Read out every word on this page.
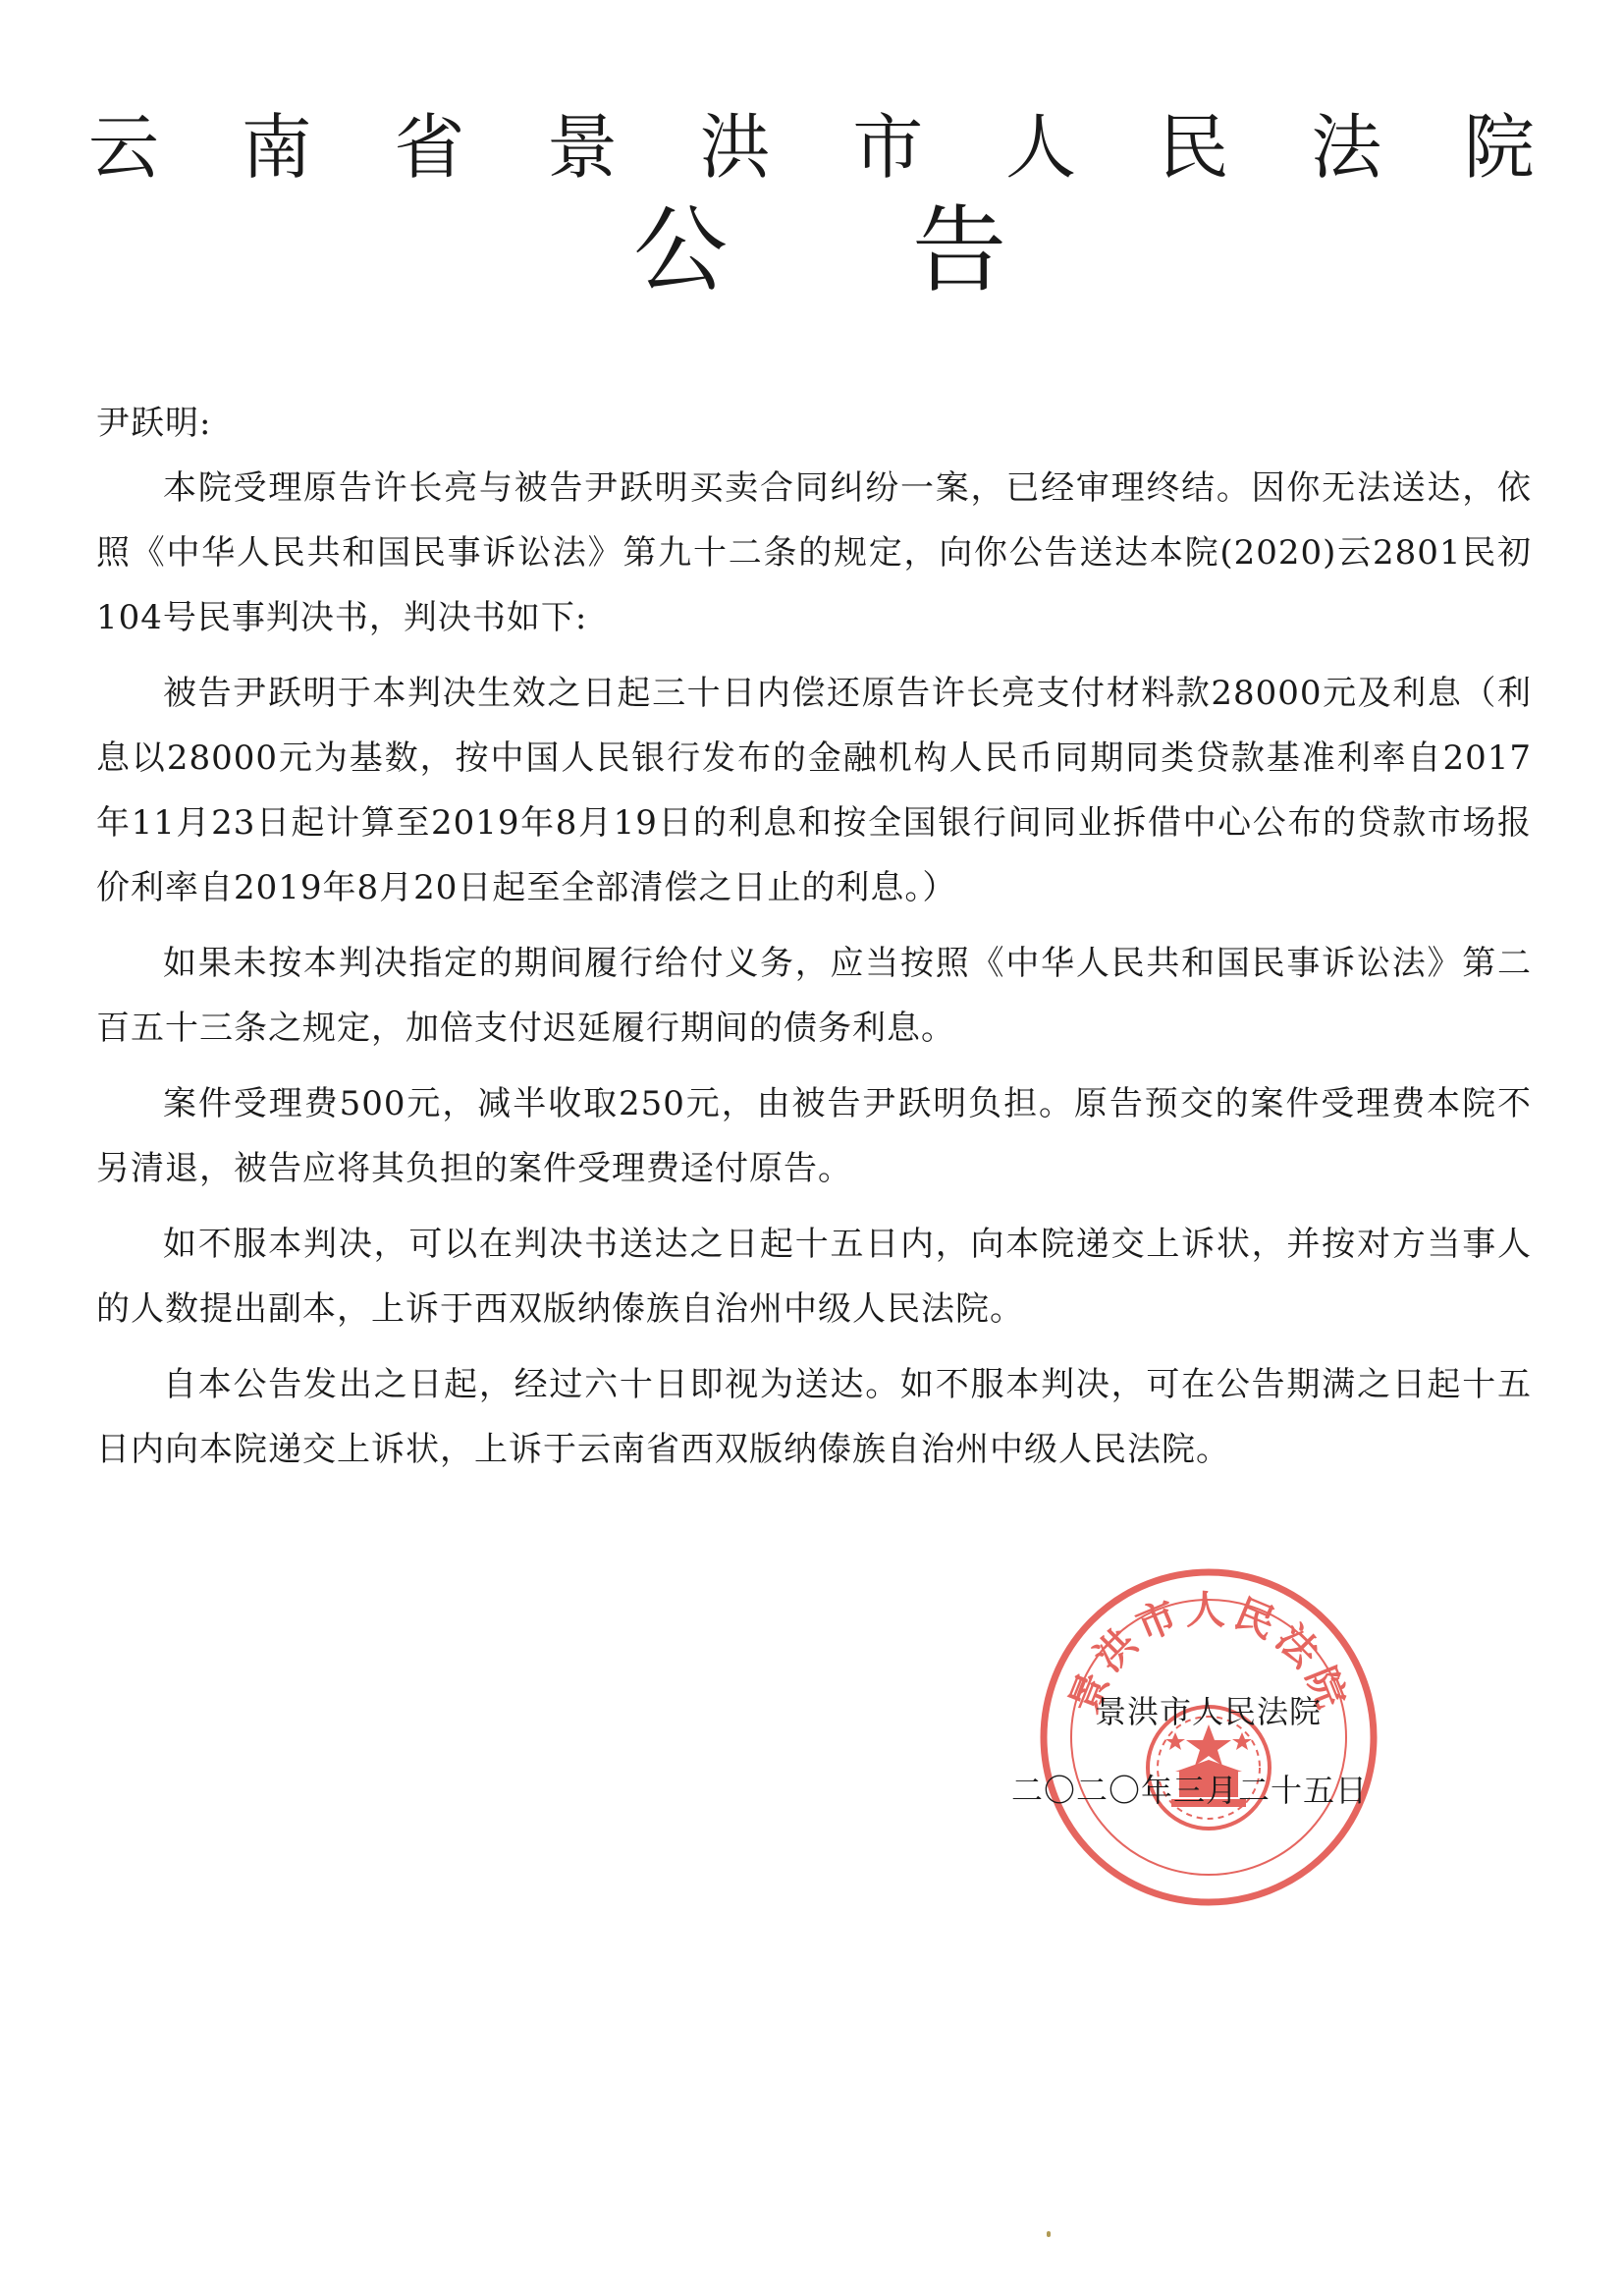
云 南 省 景 洪 市 人 民 法 院
公 告

尹跃明:

本院受理原告许长亮与被告尹跃明买卖合同纠纷一案，已经审理终结。因你无法送达，依照《中华人民共和国民事诉讼法》第九十二条的规定，向你公告送达本院(2020)云2801民初104号民事判决书，判决书如下:

被告尹跃明于本判决生效之日起三十日内偿还原告许长亮支付材料款28000元及利息（利息以28000元为基数，按中国人民银行发布的金融机构人民币同期同类贷款基准利率自2017年11月23日起计算至2019年8月19日的利息和按全国银行间同业拆借中心公布的贷款市场报价利率自2019年8月20日起至全部清偿之日止的利息。）

如果未按本判决指定的期间履行给付义务，应当按照《中华人民共和国民事诉讼法》第二百五十三条之规定，加倍支付迟延履行期间的债务利息。

案件受理费500元，减半收取250元，由被告尹跃明负担。原告预交的案件受理费本院不另清退，被告应将其负担的案件受理费迳付原告。

如不服本判决，可以在判决书送达之日起十五日内，向本院递交上诉状，并按对方当事人的人数提出副本，上诉于西双版纳傣族自治州中级人民法院。

自本公告发出之日起，经过六十日即视为送达。如不服本判决，可在公告期满之日起十五日内向本院递交上诉状，上诉于云南省西双版纳傣族自治州中级人民法院。

景洪市人民法院
景洪市人民法院
二〇二〇年三月二十五日
